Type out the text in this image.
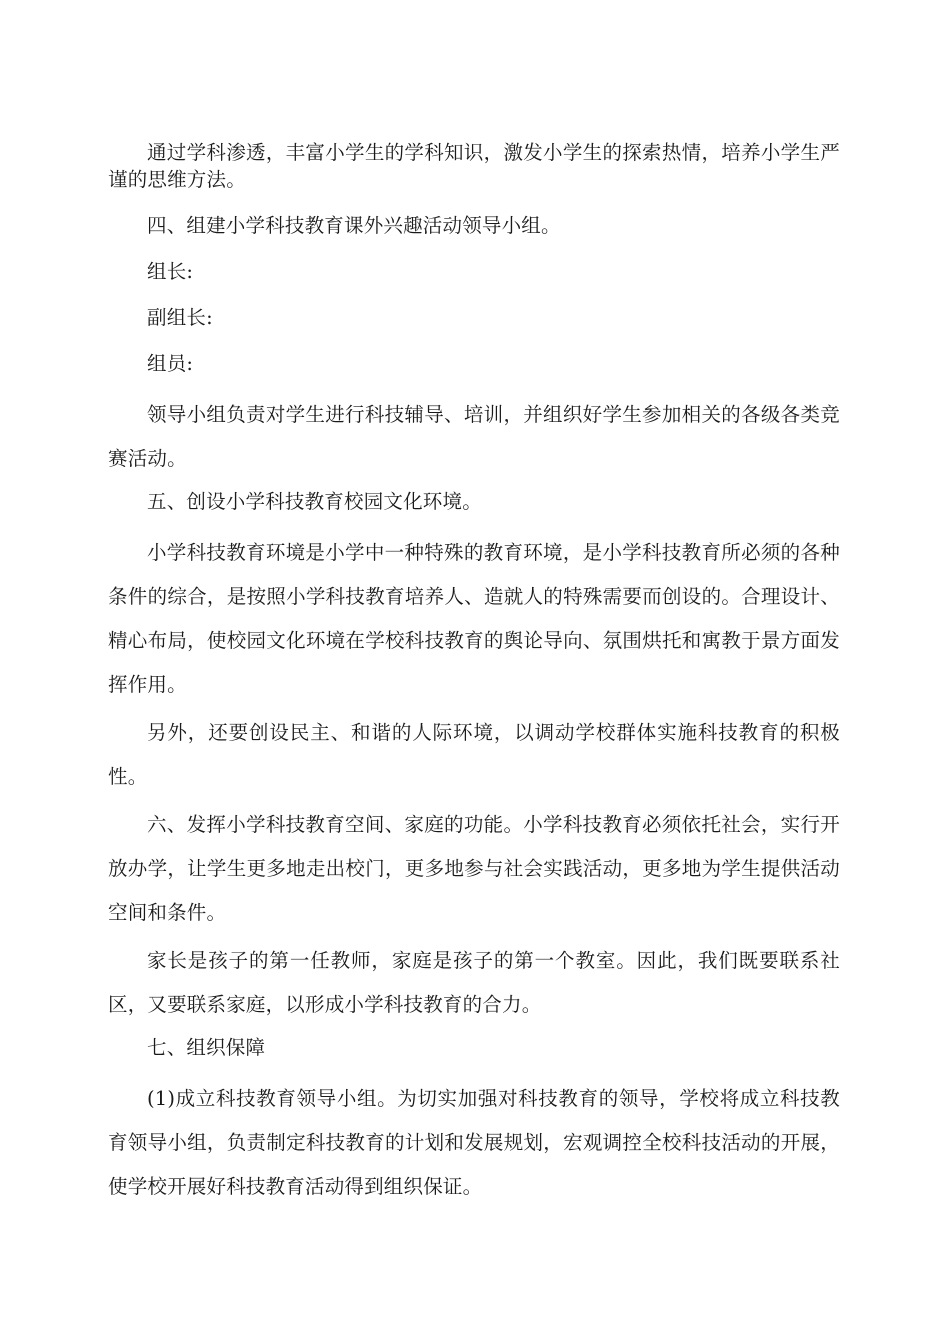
通过学科渗透，丰富小学生的学科知识，激发小学生的探索热情，培养小学生严谨的思维方法。

四、组建小学科技教育课外兴趣活动领导小组。

组长:

副组长:

组员:

领导小组负责对学生进行科技辅导、培训，并组织好学生参加相关的各级各类竞赛活动。

五、创设小学科技教育校园文化环境。

小学科技教育环境是小学中一种特殊的教育环境，是小学科技教育所必须的各种条件的综合，是按照小学科技教育培养人、造就人的特殊需要而创设的。合理设计、精心布局，使校园文化环境在学校科技教育的舆论导向、氛围烘托和寓教于景方面发挥作用。

另外，还要创设民主、和谐的人际环境，以调动学校群体实施科技教育的积极性。

六、发挥小学科技教育空间、家庭的功能。小学科技教育必须依托社会，实行开放办学，让学生更多地走出校门，更多地参与社会实践活动，更多地为学生提供活动空间和条件。

家长是孩子的第一任教师，家庭是孩子的第一个教室。因此，我们既要联系社区，又要联系家庭，以形成小学科技教育的合力。

七、组织保障

(1)成立科技教育领导小组。为切实加强对科技教育的领导，学校将成立科技教育领导小组，负责制定科技教育的计划和发展规划，宏观调控全校科技活动的开展，使学校开展好科技教育活动得到组织保证。
